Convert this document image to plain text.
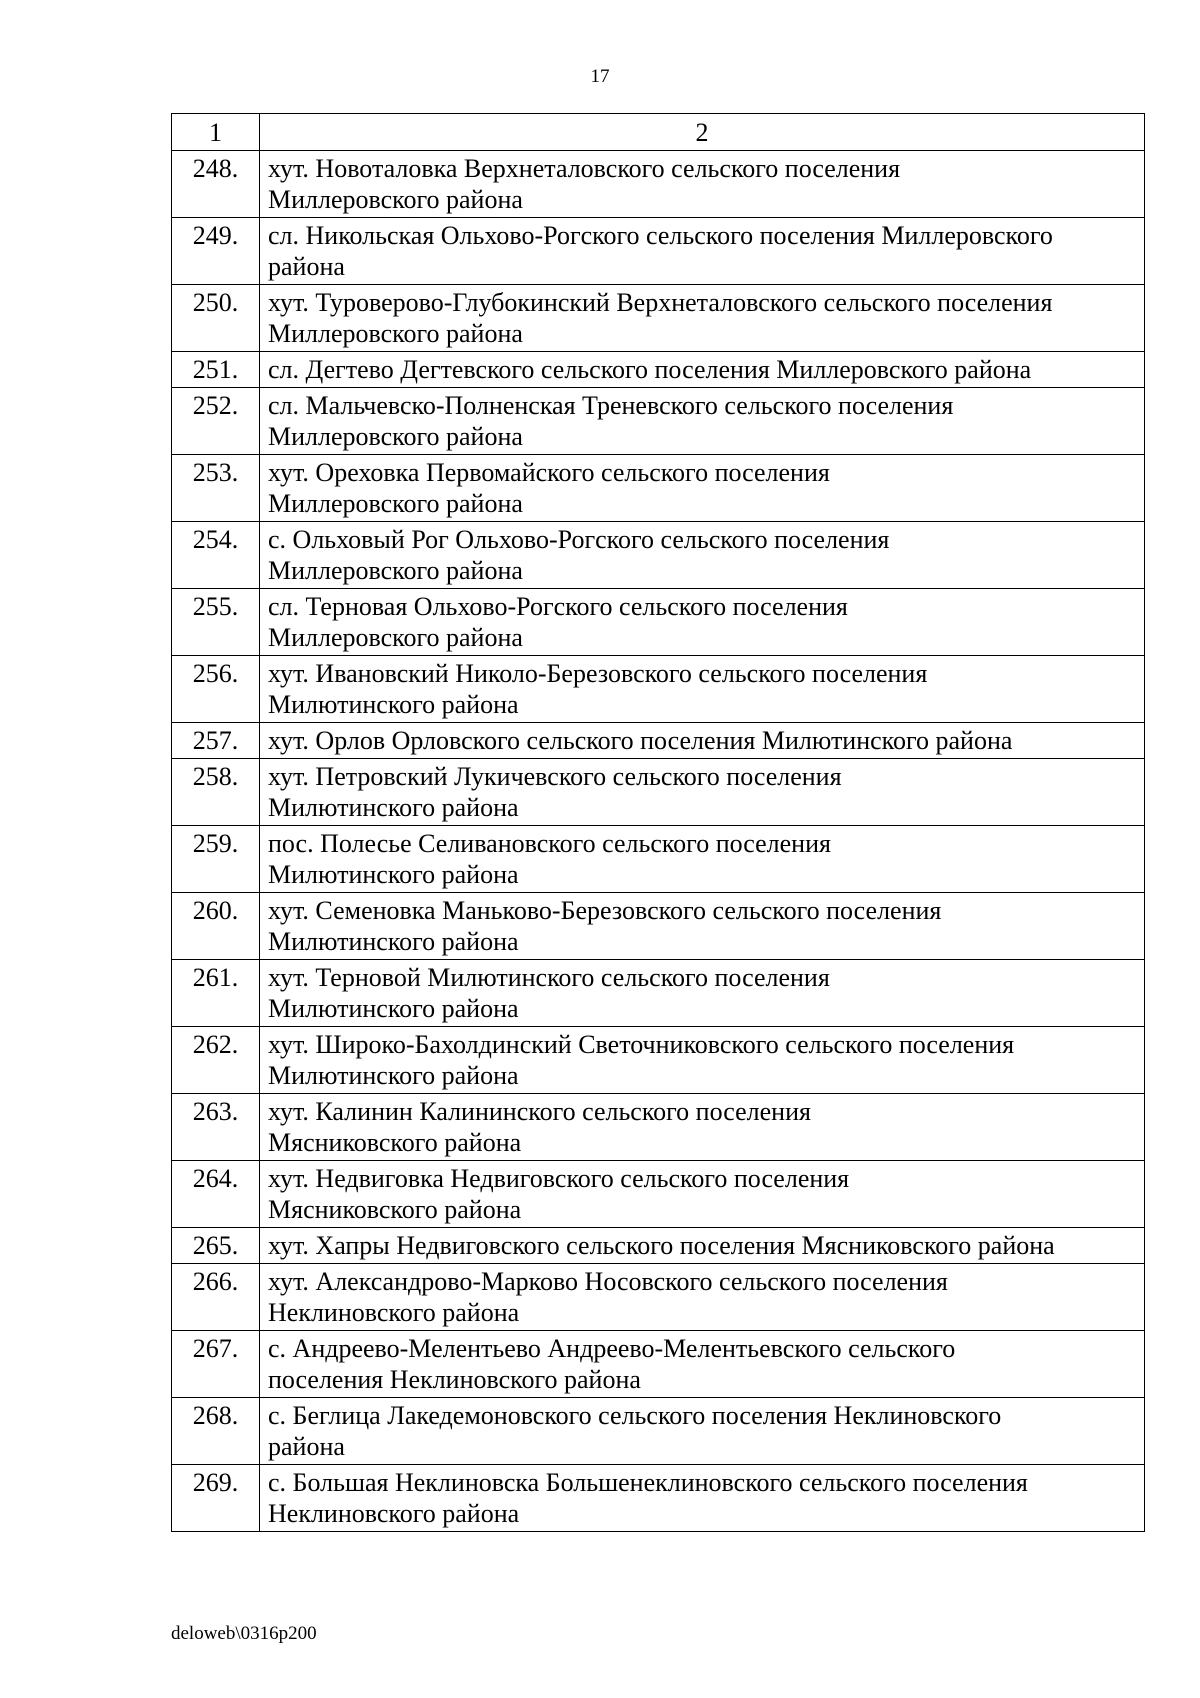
17
1	2
248.	хут. Новоталовка Верхнеталовского сельского поселения
Миллеровского района

249.	сл. Никольская Ольхово-Рогского сельского поселения Миллеровского
района

250.	хут. Туроверово-Глубокинский Верхнеталовского сельского поселения
Миллеровского района

251.	сл. Дегтево Дегтевского сельского поселения Миллеровского района

252.	сл. Мальчевско-Полненская Треневского сельского поселения
Миллеровского района

253.	хут. Ореховка Первомайского сельского поселения
Миллеровского района

254.	с. Ольховый Рог Ольхово-Рогского сельского поселения
Миллеровского района

255.	сл. Терновая Ольхово-Рогского сельского поселения
Миллеровского района

256.	хут. Ивановский Николо-Березовского сельского поселения
Милютинского района

257.	хут. Орлов Орловского сельского поселения Милютинского района

258.	хут. Петровский Лукичевского сельского поселения
Милютинского района

259.	пос. Полесье Селивановского сельского поселения
Милютинского района

260.	хут. Семеновка Маньково-Березовского сельского поселения
Милютинского района

261.	хут. Терновой Милютинского сельского поселения
Милютинского района

262.	хут. Широко-Бахолдинский Светочниковского сельского поселения
Милютинского района

263.	хут. Калинин Калининского сельского поселения
Мясниковского района

264.	хут. Недвиговка Недвиговского сельского поселения
Мясниковского района

265.	хут. Хапры Недвиговского сельского поселения Мясниковского района

266.	хут. Александрово-Марково Носовского сельского поселения
Неклиновского района

267.	с. Андреево-Мелентьево Андреево-Мелентьевского сельского
поселения Неклиновского района

268.	с. Беглица Лакедемоновского сельского поселения Неклиновского
района

269.	с. Большая Неклиновска Большенеклиновского сельского поселения
Неклиновского района
deloweb\0316p200
